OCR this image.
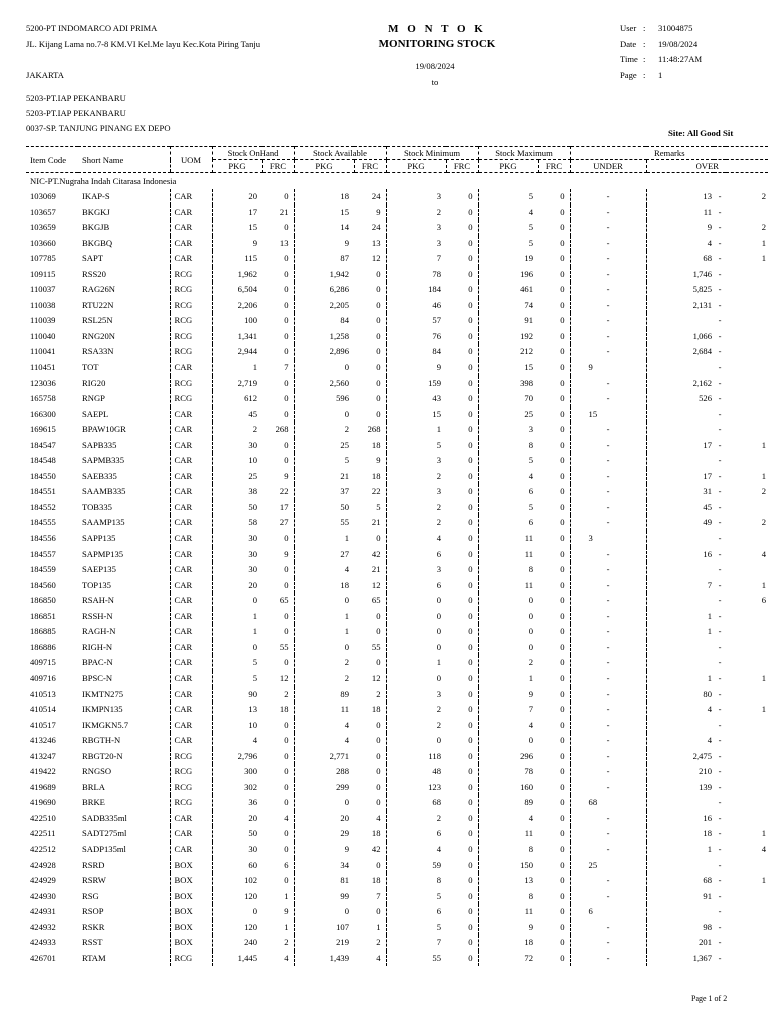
5200-PT INDOMARCO ADI PRIMA
JL. Kijang Lama no.7-8 KM.VI Kel.Me layu Kec.Kota Piring Tanju
JAKARTA
M O N T O K
MONITORING STOCK
19/08/2024
to
User : 31004875
Date : 19/08/2024
Time : 11:48:27AM
Page : 1
5203-PT.IAP PEKANBARU
5203-PT.IAP PEKANBARU
0037-SP. TANJUNG PINANG EX DEPO	Site: All Good Sit
Item Code	Short Name	UOM	Stock OnHand		Stock Available		Stock Minimum		Stock Maximum		Remarks			
			PKG	FRC	PKG	FRC	PKG	FRC	PKG	FRC	UNDER	OVER		
NIC-PT.Nugraha Indah Citarasa Indonesia														
103069	IKAP-S	CAR	20	0	18	24	3	0	5	0	-	13	-	2
103657	BKGKJ	CAR	17	21	15	9	2	0	4	0	-	11	-	
103659	BKGJB	CAR	15	0	14	24	3	0	5	0	-	9	-	2
103660	BKGBQ	CAR	9	13	9	13	3	0	5	0	-	4	-	1
107785	SAPT	CAR	115	0	87	12	7	0	19	0	-	68	-	1
109115	RSS20	RCG	1,962	0	1,942	0	78	0	196	0	-	1,746	-	
110037	RAG26N	RCG	6,504	0	6,286	0	184	0	461	0	-	5,825	-	
110038	RTU22N	RCG	2,206	0	2,205	0	46	0	74	0	-	2,131	-	
110039	RSL25N	RCG	100	0	84	0	57	0	91	0	-		-	
110040	RNG20N	RCG	1,341	0	1,258	0	76	0	192	0	-	1,066	-	
110041	RSA33N	RCG	2,944	0	2,896	0	84	0	212	0	-	2,684	-	
110451	TOT	CAR	1	7	0	0	9	0	15	0	9		-	
123036	RIG20	RCG	2,719	0	2,560	0	159	0	398	0	-	2,162	-	
165758	RNGP	RCG	612	0	596	0	43	0	70	0	-	526	-	
166300	SAEPL	CAR	45	0	0	0	15	0	25	0	15		-	
169615	BPAW10GR	CAR	2	268	2	268	1	0	3	0	-		-	
184547	SAPB335	CAR	30	0	25	18	5	0	8	0	-	17	-	1
184548	SAPMB335	CAR	10	0	5	9	3	0	5	0	-		-	
184550	SAEB335	CAR	25	9	21	18	2	0	4	0	-	17	-	1
184551	SAAMB335	CAR	38	22	37	22	3	0	6	0	-	31	-	2
184552	TOB335	CAR	50	17	50	5	2	0	5	0	-	45	-	
184555	SAAMP135	CAR	58	27	55	21	2	0	6	0	-	49	-	2
184556	SAPP135	CAR	30	0	1	0	4	0	11	0	3		-	
184557	SAPMP135	CAR	30	9	27	42	6	0	11	0	-	16	-	4
184559	SAEP135	CAR	30	0	4	21	3	0	8	0	-		-	
184560	TOP135	CAR	20	0	18	12	6	0	11	0	-	7	-	1
186850	RSAH-N	CAR	0	65	0	65	0	0	0	0	-		-	6
186851	RSSH-N	CAR	1	0	1	0	0	0	0	0	-	1	-	
186885	RAGH-N	CAR	1	0	1	0	0	0	0	0	-	1	-	
186886	RIGH-N	CAR	0	55	0	55	0	0	0	0	-		-	
409715	BPAC-N	CAR	5	0	2	0	1	0	2	0	-		-	
409716	BPSC-N	CAR	5	12	2	12	0	0	1	0	-	1	-	1
410513	IKMTN275	CAR	90	2	89	2	3	0	9	0	-	80	-	
410514	IKMPN135	CAR	13	18	11	18	2	0	7	0	-	4	-	1
410517	IKMGKN5.7	CAR	10	0	4	0	2	0	4	0	-		-	
413246	RBGTH-N	CAR	4	0	4	0	0	0	0	0	-	4	-	
413247	RBGT20-N	RCG	2,796	0	2,771	0	118	0	296	0	-	2,475	-	
419422	RNGSO	RCG	300	0	288	0	48	0	78	0	-	210	-	
419689	BRLA	RCG	302	0	299	0	123	0	160	0	-	139	-	
419690	BRKE	RCG	36	0	0	0	68	0	89	0	68		-	
422510	SADB335ml	CAR	20	4	20	4	2	0	4	0	-	16	-	
422511	SADT275ml	CAR	50	0	29	18	6	0	11	0	-	18	-	1
422512	SADP135ml	CAR	30	0	9	42	4	0	8	0	-	1	-	4
424928	RSRD	BOX	60	6	34	0	59	0	150	0	25		-	
424929	RSRW	BOX	102	0	81	18	8	0	13	0	-	68	-	1
424930	RSG	BOX	120	1	99	7	5	0	8	0	-	91	-	
424931	RSOP	BOX	0	9	0	0	6	0	11	0	6		-	
424932	RSKR	BOX	120	1	107	1	5	0	9	0	-	98	-	
424933	RSST	BOX	240	2	219	2	7	0	18	0	-	201	-	
426701	RTAM	RCG	1,445	4	1,439	4	55	0	72	0	-	1,367	-	
Page 1 of 2
